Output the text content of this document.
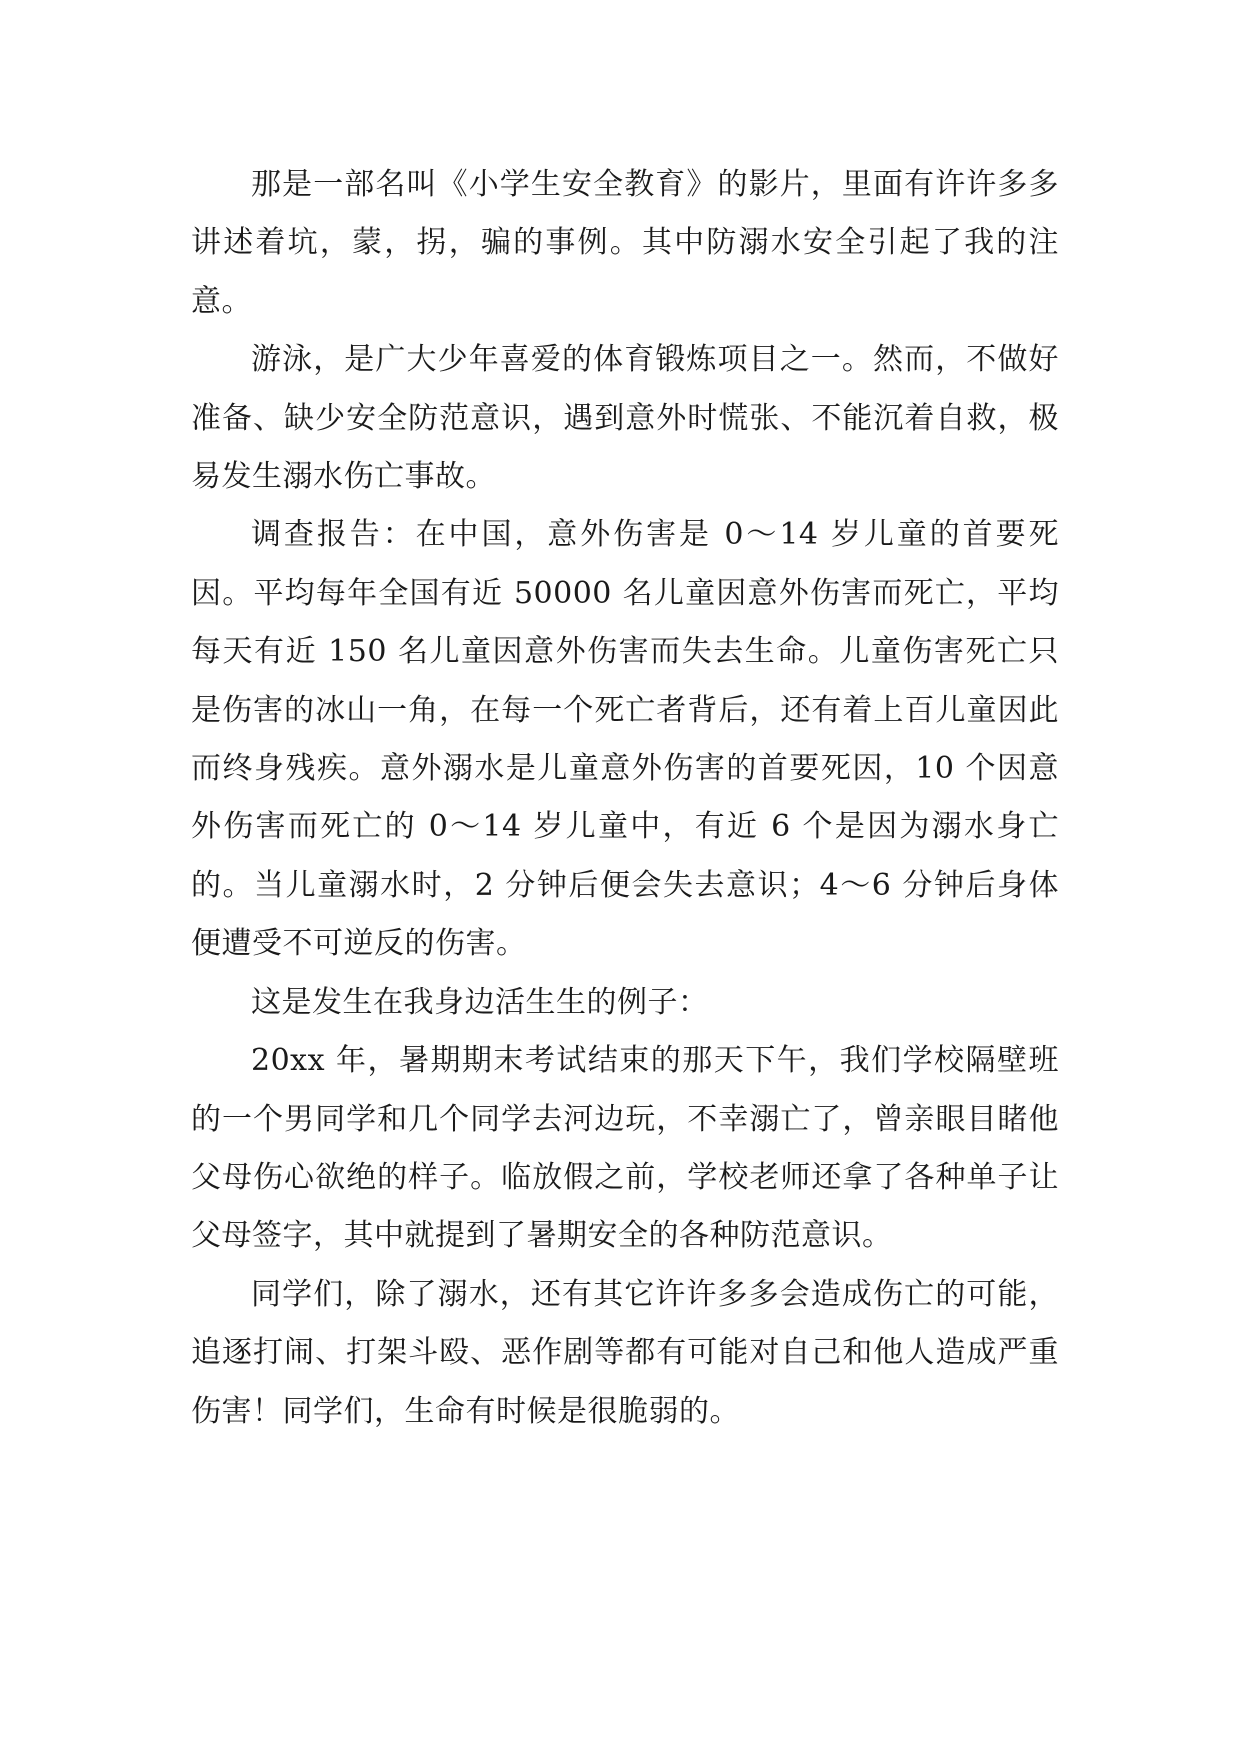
那是一部名叫《小学生安全教育》的影片，里面有许许多多讲述着坑，蒙，拐，骗的事例。其中防溺水安全引起了我的注意。

游泳，是广大少年喜爱的体育锻炼项目之一。然而，不做好准备、缺少安全防范意识，遇到意外时慌张、不能沉着自救，极易发生溺水伤亡事故。

调查报告：在中国，意外伤害是 0～14 岁儿童的首要死因。平均每年全国有近 50000 名儿童因意外伤害而死亡，平均每天有近 150 名儿童因意外伤害而失去生命。儿童伤害死亡只是伤害的冰山一角，在每一个死亡者背后，还有着上百儿童因此而终身残疾。意外溺水是儿童意外伤害的首要死因，10 个因意外伤害而死亡的 0～14 岁儿童中，有近 6 个是因为溺水身亡的。当儿童溺水时，2 分钟后便会失去意识；4～6 分钟后身体便遭受不可逆反的伤害。

这是发生在我身边活生生的例子：

20xx 年，暑期期末考试结束的那天下午，我们学校隔壁班的一个男同学和几个同学去河边玩，不幸溺亡了，曾亲眼目睹他父母伤心欲绝的样子。临放假之前，学校老师还拿了各种单子让父母签字，其中就提到了暑期安全的各种防范意识。

同学们，除了溺水，还有其它许许多多会造成伤亡的可能，追逐打闹、打架斗殴、恶作剧等都有可能对自己和他人造成严重伤害！同学们，生命有时候是很脆弱的。
